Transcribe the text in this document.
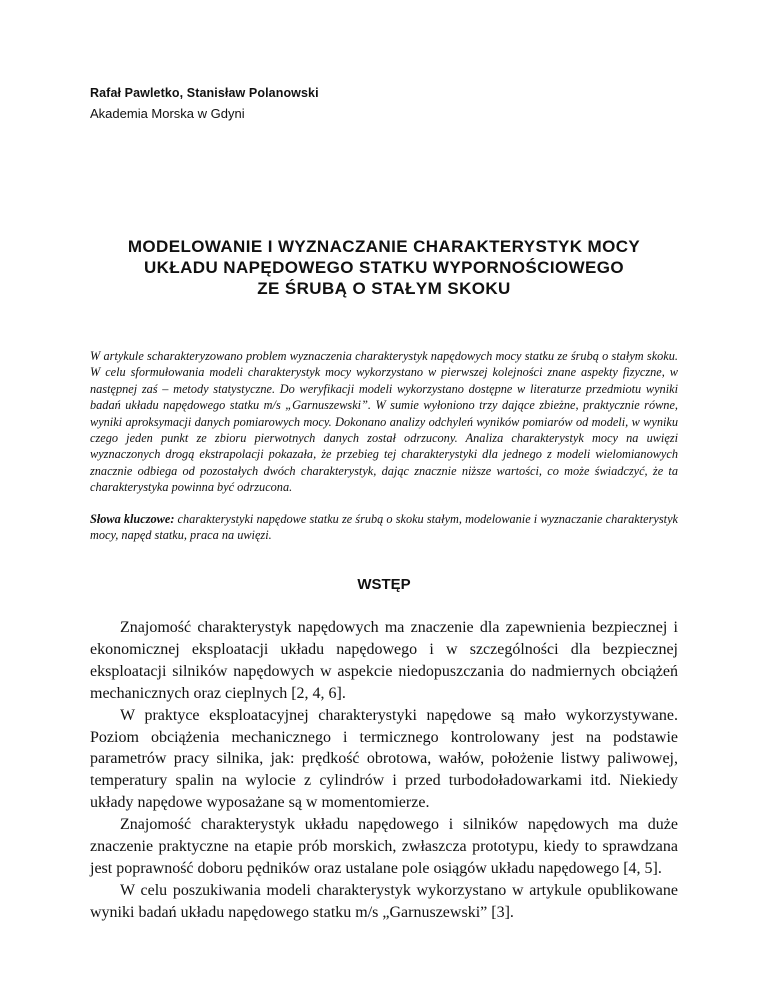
Rafał Pawletko, Stanisław Polanowski
Akademia Morska w Gdyni
MODELOWANIE I WYZNACZANIE CHARAKTERYSTYK MOCY
UKŁADU NAPĘDOWEGO STATKU WYPORNOŚCIOWEGO
ZE ŚRUBĄ O STAŁYM SKOKU

W artykule scharakteryzowano problem wyznaczenia charakterystyk napędowych mocy statku ze śrubą o stałym skoku. W celu sformułowania modeli charakterystyk mocy wykorzystano w pierwszej kolejności znane aspekty fizyczne, w następnej zaś – metody statystyczne. Do weryfikacji modeli wykorzystano dostępne w literaturze przedmiotu wyniki badań układu napędowego statku m/s „Garnuszewski”. W sumie wyłoniono trzy dające zbieżne, praktycznie równe, wyniki aproksymacji danych pomiarowych mocy. Dokonano analizy odchyleń wyników pomiarów od modeli, w wyniku czego jeden punkt ze zbioru pierwotnych danych został odrzucony. Analiza charakterystyk mocy na uwięzi wyznaczonych drogą ekstrapolacji pokazała, że przebieg tej charakterystyki dla jednego z modeli wielomianowych znacznie odbiega od pozostałych dwóch charakterystyk, dając znacznie niższe wartości, co może świadczyć, że ta charakterystyka powinna być odrzucona.

Słowa kluczowe: charakterystyki napędowe statku ze śrubą o skoku stałym, modelowanie i wyznaczanie charakterystyk mocy, napęd statku, praca na uwięzi.

WSTĘP

Znajomość charakterystyk napędowych ma znaczenie dla zapewnienia bezpiecznej i ekonomicznej eksploatacji układu napędowego i w szczególności dla bezpiecznej eksploatacji silników napędowych w aspekcie niedopuszczania do nadmiernych obciążeń mechanicznych oraz cieplnych [2, 4, 6].

W praktyce eksploatacyjnej charakterystyki napędowe są mało wykorzystywane. Poziom obciążenia mechanicznego i termicznego kontrolowany jest na podstawie parametrów pracy silnika, jak: prędkość obrotowa, wałów, położenie listwy paliwowej, temperatury spalin na wylocie z cylindrów i przed turbodoładowarkami itd. Niekiedy układy napędowe wyposażane są w momentomierze.

Znajomość charakterystyk układu napędowego i silników napędowych ma duże znaczenie praktyczne na etapie prób morskich, zwłaszcza prototypu, kiedy to sprawdzana jest poprawność doboru pędników oraz ustalane pole osiągów układu napędowego [4, 5].

W celu poszukiwania modeli charakterystyk wykorzystano w artykule opublikowane wyniki badań układu napędowego statku m/s „Garnuszewski” [3].
